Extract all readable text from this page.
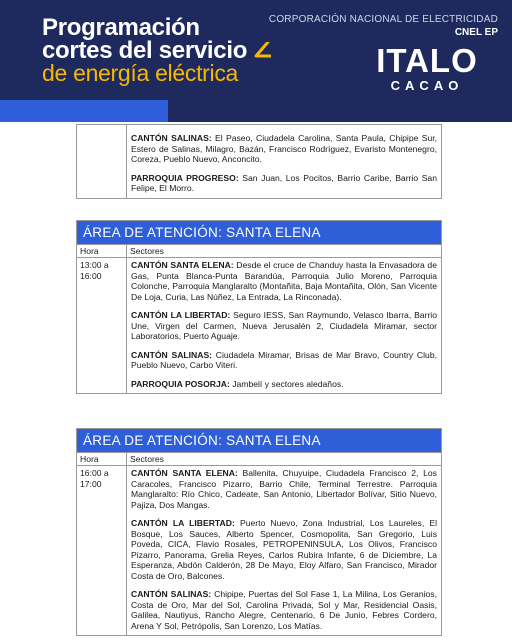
Programación
cortes del servicio
de energía eléctrica
CORPORACIÓN NACIONAL DE ELECTRICIDAD
CNEL EP
ITALO
CACAO
CANTÓN SALINAS: El Paseo, Ciudadela Carolina, Santa Paula, Chipipe Sur, Estero de Salinas, Milagro, Bazán, Francisco Rodríguez, Evaristo Montenegro, Coreza, Pueblo Nuevo, Anconcito.
PARROQUIA PROGRESO: San Juan, Los Pocitos, Barrio Caribe, Barrio San Felipe, El Morro.
ÁREA DE ATENCIÓN: SANTA ELENA
Hora	Sectores
13:00 a 16:00
CANTÓN SANTA ELENA: Desde el cruce de Chanduy hasta la Envasadora de Gas, Punta Blanca-Punta Barandúa, Parroquia Julio Moreno, Parroquia Colonche, Parroquia Manglaralto (Montañita, Baja Montañita, Olón, San Vicente De Loja, Curia, Las Núñez, La Entrada, La Rinconada).
CANTÓN LA LIBERTAD: Seguro IESS, San Raymundo, Velasco Ibarra, Barrio Une, Virgen del Carmen, Nueva Jerusalén 2, Ciudadela Miramar, sector Laboratorios, Puerto Aguaje.
CANTÓN SALINAS: Ciudadela Miramar, Brisas de Mar Bravo, Country Club, Pueblo Nuevo, Carbo Viteri.
PARROQUIA POSORJA: Jambelí y sectores aledaños.
ÁREA DE ATENCIÓN: SANTA ELENA
Hora	Sectores
16:00 a 17:00
CANTÓN SANTA ELENA: Ballenita, Chuyuipe, Ciudadela Francisco 2, Los Caracoles, Francisco Pizarro, Barrio Chile, Terminal Terrestre. Parroquia Manglaralto: Río Chico, Cadeate, San Antonio, Libertador Bolívar, Sitio Nuevo, Pajiza, Dos Mangas.
CANTÓN LA LIBERTAD: Puerto Nuevo, Zona Industrial, Los Laureles, El Bosque, Los Sauces, Alberto Spencer, Cosmopolita, San Gregorio, Luis Poveda, CICA, Flavio Rosales, PETROPENINSULA, Los Olivos, Francisco Pizarro, Panorama, Grelia Reyes, Carlos Rubira Infante, 6 de Diciembre, La Esperanza, Abdón Calderón, 28 De Mayo, Eloy Alfaro, San Francisco, Mirador Costa de Oro, Balcones.
CANTÓN SALINAS: Chipipe, Puertas del Sol Fase 1, La Milina, Los Geranios, Costa de Oro, Mar del Sol, Carolina Privada, Sol y Mar, Residencial Oasis, Galilea, Nautiyus, Rancho Alegre, Centenario, 6 De Junio, Febres Cordero, Arena Y Sol, Petrópolis, San Lorenzo, Los Matías.
